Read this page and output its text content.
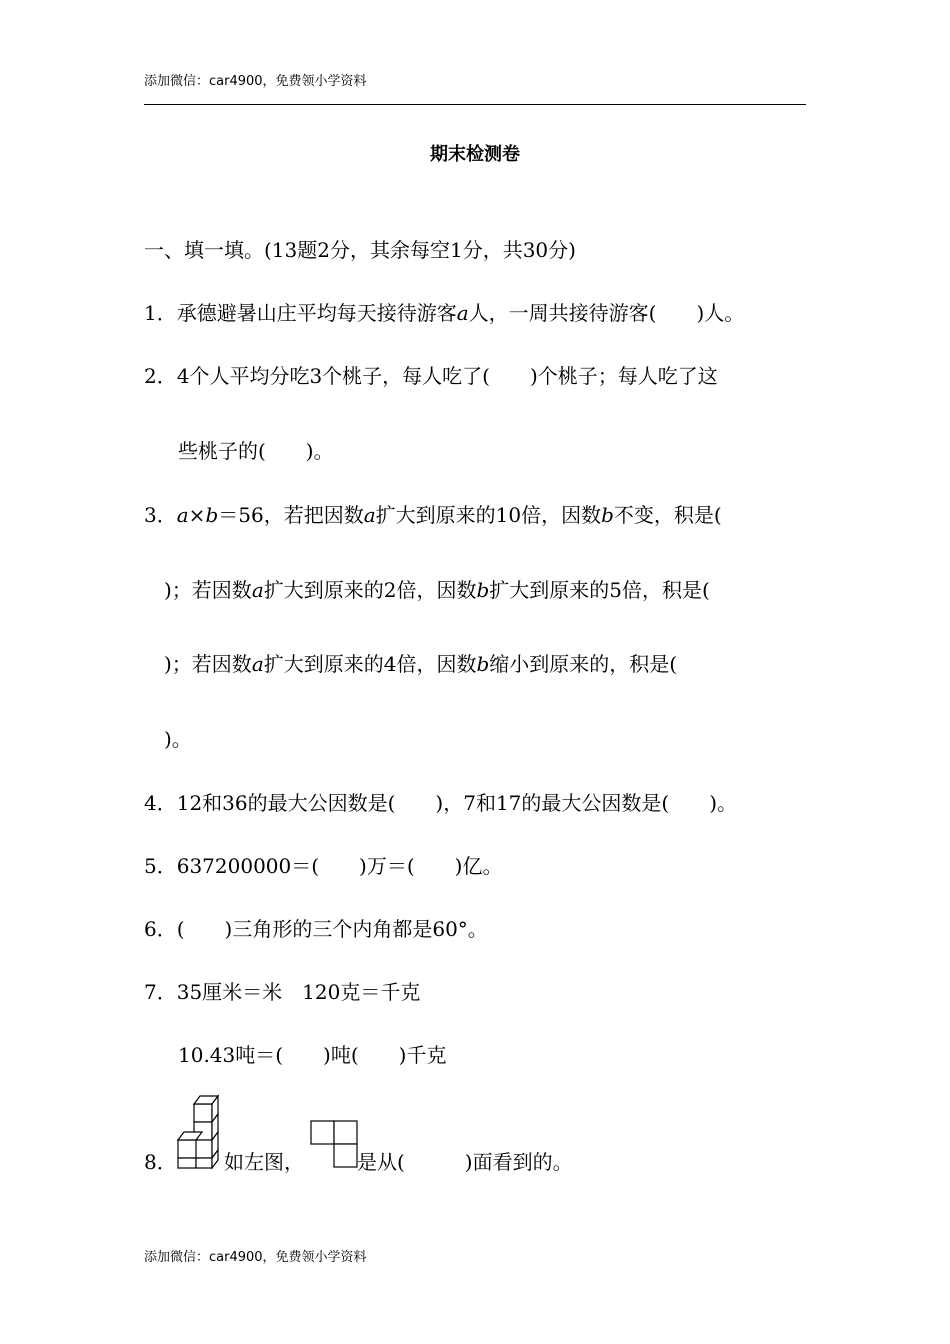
添加微信：car4900，免费领小学资料
期末检测卷
一、填一填。(13题2分，其余每空1分，共30分)
1．承德避暑山庄平均每天接待游客a人，一周共接待游客(　　)人。
2．4个人平均分吃3个桃子，每人吃了(　　)个桃子；每人吃了这
些桃子的(　　)。
3．a×b＝56，若把因数a扩大到原来的10倍，因数b不变，积是(
)；若因数a扩大到原来的2倍，因数b扩大到原来的5倍，积是(
)；若因数a扩大到原来的4倍，因数b缩小到原来的，积是(
)。
4．12和36的最大公因数是(　　)，7和17的最大公因数是(　　)。
5．637200000＝(　　)万＝(　　)亿。
6．(　　)三角形的三个内角都是60°。
7．35厘米＝米　120克＝千克
10.43吨＝(　　)吨(　　)千克
8． 如左图，	是从(　　　)面看到的。
添加微信：car4900，免费领小学资料
